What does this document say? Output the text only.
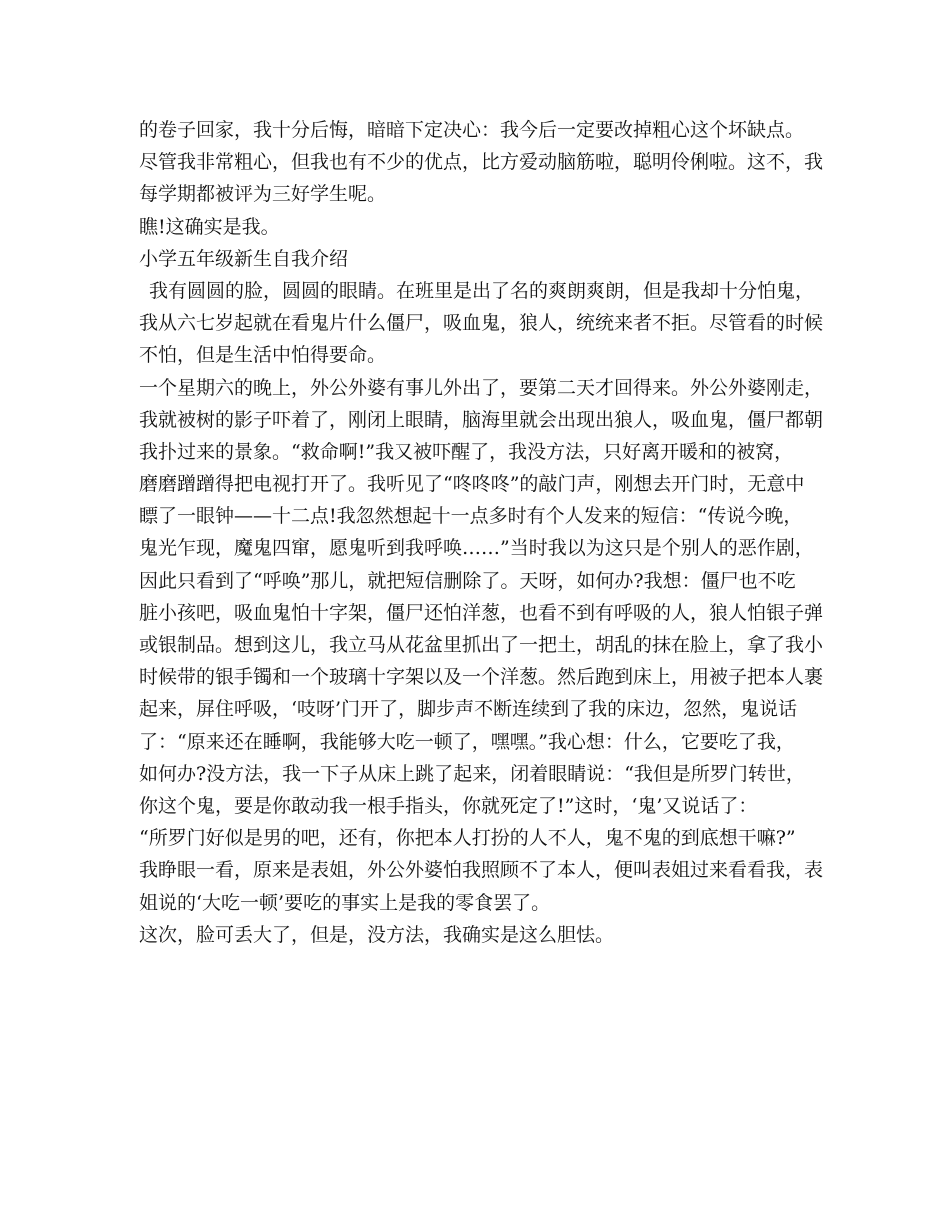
的卷子回家，我十分后悔，暗暗下定决心：我今后一定要改掉粗心这个坏缺点。
尽管我非常粗心，但我也有不少的优点，比方爱动脑筋啦，聪明伶俐啦。这不，我
每学期都被评为三好学生呢。
瞧!这确实是我。
小学五年级新生自我介绍
我有圆圆的脸，圆圆的眼睛。在班里是出了名的爽朗爽朗，但是我却十分怕鬼，
我从六七岁起就在看鬼片什么僵尸，吸血鬼，狼人，统统来者不拒。尽管看的时候
不怕，但是生活中怕得要命。
一个星期六的晚上，外公外婆有事儿外出了，要第二天才回得来。外公外婆刚走，
我就被树的影子吓着了，刚闭上眼睛，脑海里就会出现出狼人，吸血鬼，僵尸都朝
我扑过来的景象。“救命啊!”我又被吓醒了，我没方法，只好离开暖和的被窝，
磨磨蹭蹭得把电视打开了。我听见了“咚咚咚”的敲门声，刚想去开门时，无意中
瞟了一眼钟——十二点!我忽然想起十一点多时有个人发来的短信：“传说今晚，
鬼光乍现，魔鬼四窜，愿鬼听到我呼唤……”当时我以为这只是个别人的恶作剧，
因此只看到了“呼唤”那儿，就把短信删除了。天呀，如何办?我想：僵尸也不吃
脏小孩吧，吸血鬼怕十字架，僵尸还怕洋葱，也看不到有呼吸的人，狼人怕银子弹
或银制品。想到这儿，我立马从花盆里抓出了一把土，胡乱的抹在脸上，拿了我小
时候带的银手镯和一个玻璃十字架以及一个洋葱。然后跑到床上，用被子把本人裹
起来，屏住呼吸，‘吱呀’门开了，脚步声不断连续到了我的床边，忽然，鬼说话
了：“原来还在睡啊，我能够大吃一顿了，嘿嘿。”我心想：什么，它要吃了我，
如何办?没方法，我一下子从床上跳了起来，闭着眼睛说：“我但是所罗门转世，
你这个鬼，要是你敢动我一根手指头，你就死定了!”这时，‘鬼’又说话了：
“所罗门好似是男的吧，还有，你把本人打扮的人不人，鬼不鬼的到底想干嘛?”
我睁眼一看，原来是表姐，外公外婆怕我照顾不了本人，便叫表姐过来看看我，表
姐说的‘大吃一顿’要吃的事实上是我的零食罢了。
这次，脸可丢大了，但是，没方法，我确实是这么胆怯。
